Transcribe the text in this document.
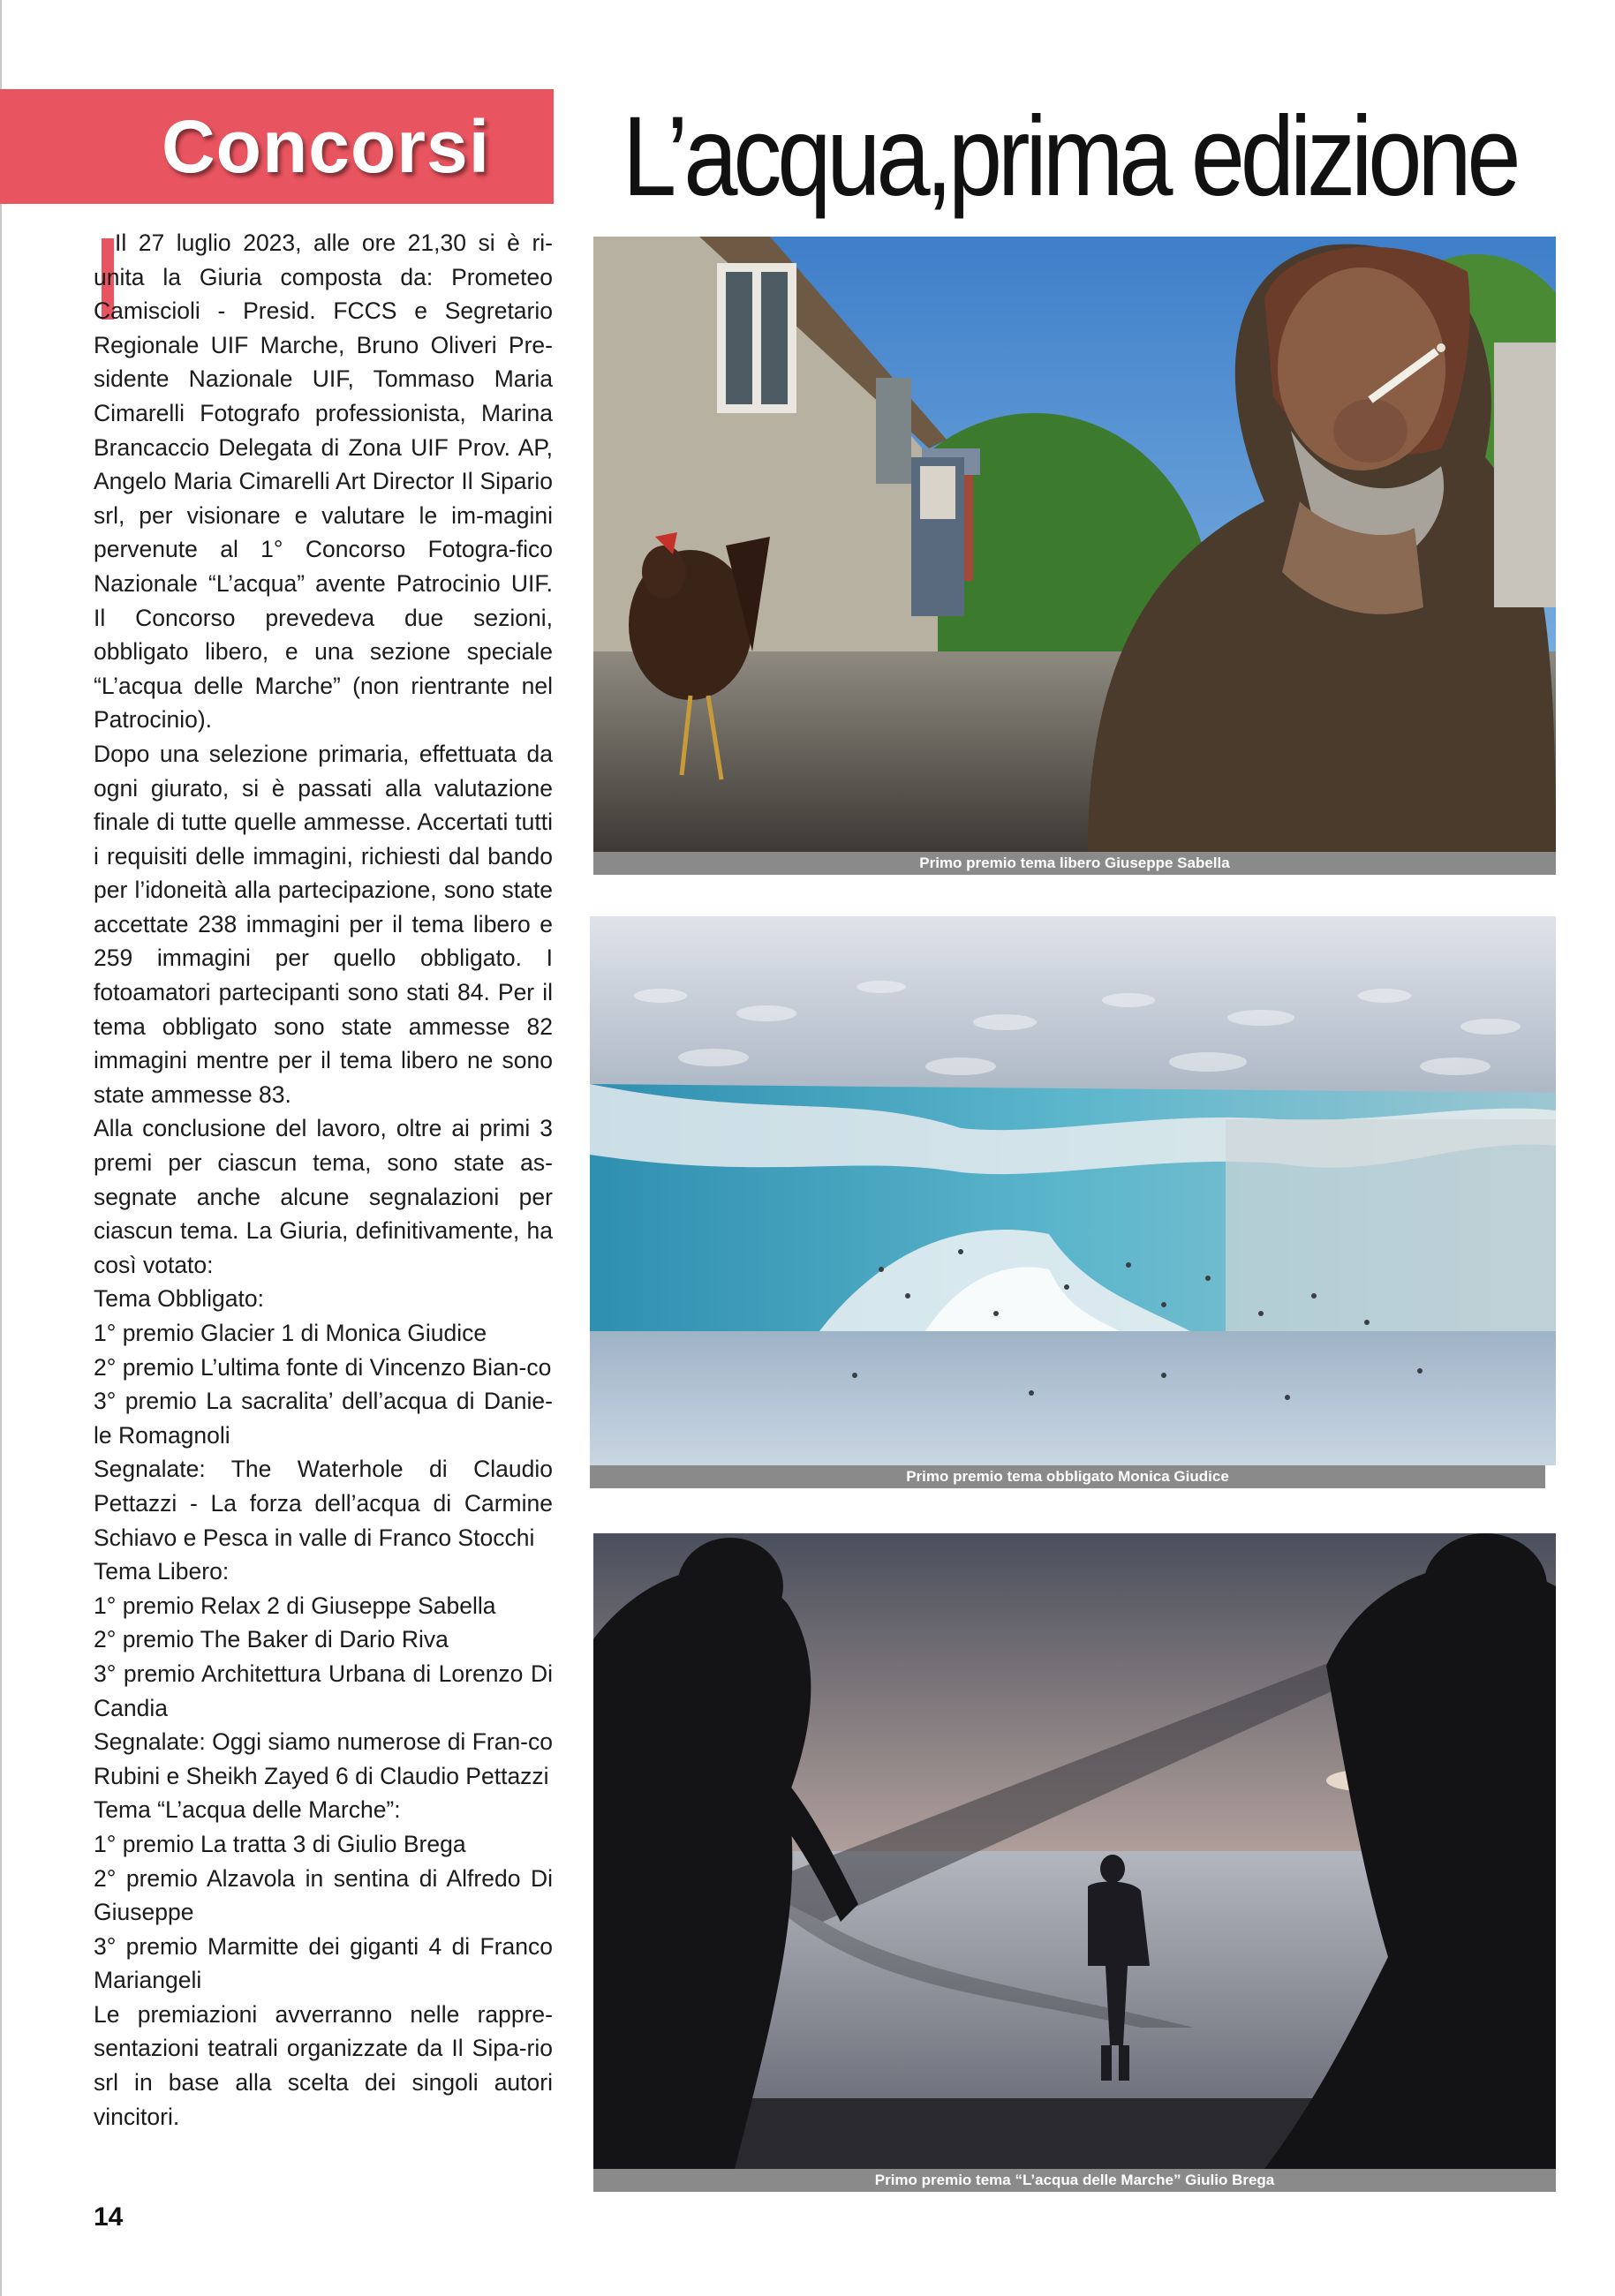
Concorsi	L’acqua,prima edizione

Il 27 luglio 2023, alle ore 21,30 si è ri-unita la Giuria composta da: Prometeo Camiscioli - Presid. FCCS e Segretario Regionale UIF Marche, Bruno Oliveri Pre-sidente Nazionale UIF, Tommaso Maria Cimarelli Fotografo professionista, Marina Brancaccio Delegata di Zona UIF Prov. AP, Angelo Maria Cimarelli Art Director Il Sipario srl, per visionare e valutare le im-magini pervenute al 1° Concorso Fotogra-fico Nazionale “L’acqua” avente Patrocinio UIF. Il Concorso prevedeva due sezioni, obbligato libero, e una sezione speciale “L’acqua delle Marche” (non rientrante nel Patrocinio).

Dopo una selezione primaria, effettuata da ogni giurato, si è passati alla valutazione finale di tutte quelle ammesse. Accertati tutti i requisiti delle immagini, richiesti dal bando per l’idoneità alla partecipazione, sono state accettate 238 immagini per il tema libero e 259 immagini per quello obbligato. I fotoamatori partecipanti sono stati 84. Per il tema obbligato sono state ammesse 82 immagini mentre per il tema libero ne sono state ammesse 83.

Alla conclusione del lavoro, oltre ai primi 3 premi per ciascun tema, sono state as-segnate anche alcune segnalazioni per ciascun tema. La Giuria, definitivamente, ha così votato:

Tema Obbligato:

1° premio Glacier 1 di Monica Giudice

2° premio L’ultima fonte di Vincenzo Bian-co

3° premio La sacralita’ dell’acqua di Danie-le Romagnoli

Segnalate: The Waterhole di Claudio Pettazzi - La forza dell’acqua di Carmine Schiavo e Pesca in valle di Franco Stocchi

Tema Libero:

1° premio Relax 2 di Giuseppe Sabella

2° premio The Baker di Dario Riva

3° premio Architettura Urbana di Lorenzo Di Candia

Segnalate: Oggi siamo numerose di Fran-co Rubini e Sheikh Zayed 6 di Claudio Pettazzi

Tema “L’acqua delle Marche”:

1° premio La tratta 3 di Giulio Brega

2° premio Alzavola in sentina di Alfredo Di Giuseppe

3° premio Marmitte dei giganti 4 di Franco Mariangeli

Le premiazioni avverranno nelle rappre-sentazioni teatrali organizzate da Il Sipa-rio srl in base alla scelta dei singoli autori vincitori.

Primo premio tema libero Giuseppe Sabella
Primo premio tema obbligato Monica Giudice
Primo premio tema “L’acqua delle Marche” Giulio Brega
14
